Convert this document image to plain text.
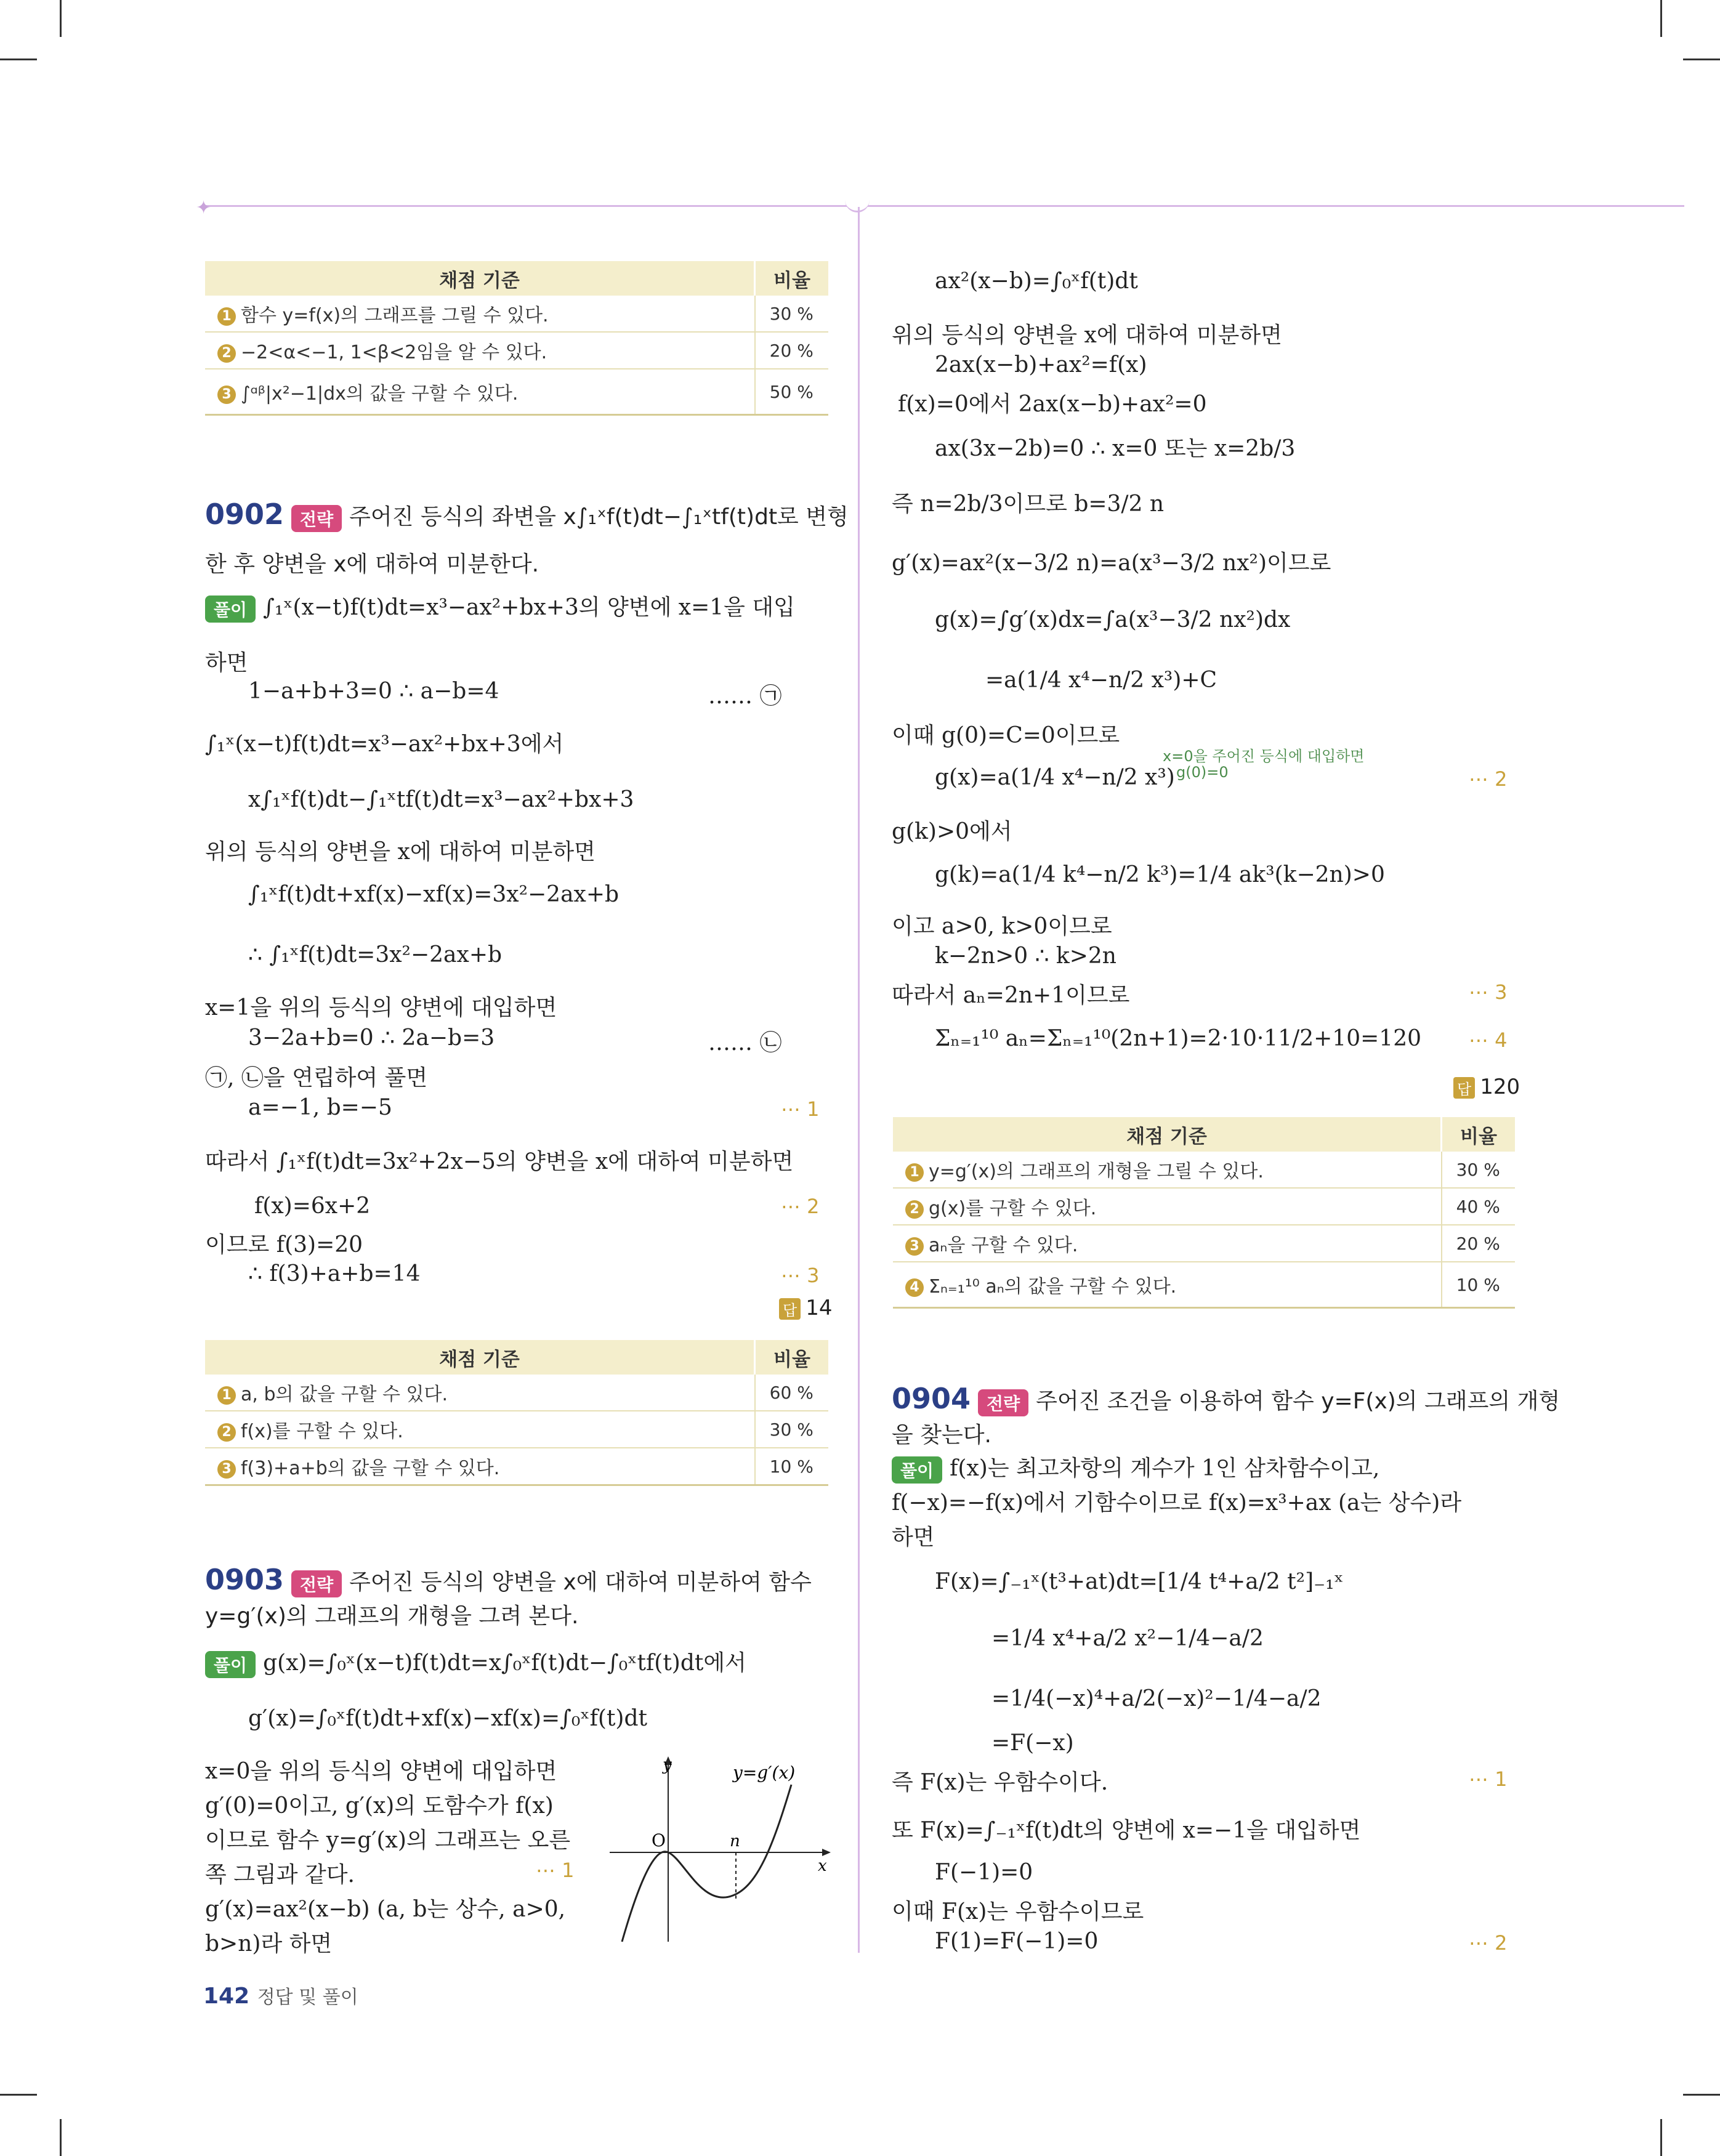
✦
채점 기준	비율
1 함수 y=f(x)의 그래프를 그릴 수 있다.	30 %
2 −2<α<−1, 1<β<2임을 알 수 있다.	20 %
3 ∫ᵅᵝ|x²−1|dx의 값을 구할 수 있다.	50 %
0902 전략 주어진 등식의 좌변을 x∫₁ˣf(t)dt−∫₁ˣtf(t)dt로 변형
한 후 양변을 x에 대하여 미분한다.
풀이 ∫₁ˣ(x−t)f(t)dt=x³−ax²+bx+3의 양변에 x=1을 대입
하면
1−a+b+3=0 ∴ a−b=4	…… ㉠
∫₁ˣ(x−t)f(t)dt=x³−ax²+bx+3에서
x∫₁ˣf(t)dt−∫₁ˣtf(t)dt=x³−ax²+bx+3
위의 등식의 양변을 x에 대하여 미분하면
∫₁ˣf(t)dt+xf(x)−xf(x)=3x²−2ax+b
∴ ∫₁ˣf(t)dt=3x²−2ax+b
x=1을 위의 등식의 양변에 대입하면
3−2a+b=0 ∴ 2a−b=3	…… ㉡
㉠, ㉡을 연립하여 풀면
a=−1, b=−5	⋯ 1
따라서 ∫₁ˣf(t)dt=3x²+2x−5의 양변을 x에 대하여 미분하면
f(x)=6x+2	⋯ 2
이므로 f(3)=20
∴ f(3)+a+b=14	⋯ 3
답 14
채점 기준	비율
1 a, b의 값을 구할 수 있다.	60 %
2 f(x)를 구할 수 있다.	30 %
3 f(3)+a+b의 값을 구할 수 있다.	10 %
0903 전략 주어진 등식의 양변을 x에 대하여 미분하여 함수
y=g′(x)의 그래프의 개형을 그려 본다.
풀이 g(x)=∫₀ˣ(x−t)f(t)dt=x∫₀ˣf(t)dt−∫₀ˣtf(t)dt에서
g′(x)=∫₀ˣf(t)dt+xf(x)−xf(x)=∫₀ˣf(t)dt
x=0을 위의 등식의 양변에 대입하면
g′(0)=0이고, g′(x)의 도함수가 f(x)
이므로 함수 y=g′(x)의 그래프는 오른
쪽 그림과 같다.	⋯ 1
g′(x)=ax²(x−b) (a, b는 상수, a>0,
b>n)라 하면
y
x
O	n
y=g′(x)
142 정답 및 풀이
ax²(x−b)=∫₀ˣf(t)dt
위의 등식의 양변을 x에 대하여 미분하면
2ax(x−b)+ax²=f(x)
f(x)=0에서 2ax(x−b)+ax²=0
ax(3x−2b)=0 ∴ x=0 또는 x=2b/3
즉 n=2b/3이므로 b=3/2 n
g′(x)=ax²(x−3/2 n)=a(x³−3/2 nx²)이므로
g(x)=∫g′(x)dx=∫a(x³−3/2 nx²)dx
=a(1/4 x⁴−n/2 x³)+C
이때 g(0)=C=0이므로
x=0을 주어진 등식에 대입하면
g(0)=0
g(x)=a(1/4 x⁴−n/2 x³)	⋯ 2
g(k)>0에서
g(k)=a(1/4 k⁴−n/2 k³)=1/4 ak³(k−2n)>0
이고 a>0, k>0이므로
k−2n>0 ∴ k>2n
따라서 aₙ=2n+1이므로	⋯ 3
Σₙ₌₁¹⁰ aₙ=Σₙ₌₁¹⁰(2n+1)=2·10·11/2+10=120 ⋯ 4
답 120
채점 기준	비율
1 y=g′(x)의 그래프의 개형을 그릴 수 있다.	30 %
2 g(x)를 구할 수 있다.	40 %
3 aₙ을 구할 수 있다.	20 %
4 Σₙ₌₁¹⁰ aₙ의 값을 구할 수 있다.	10 %
0904 전략 주어진 조건을 이용하여 함수 y=F(x)의 그래프의 개형
을 찾는다.
풀이 f(x)는 최고차항의 계수가 1인 삼차함수이고,
f(−x)=−f(x)에서 기함수이므로 f(x)=x³+ax (a는 상수)라
하면
F(x)=∫₋₁ˣ(t³+at)dt=[1/4 t⁴+a/2 t²]₋₁ˣ
=1/4 x⁴+a/2 x²−1/4−a/2
=1/4(−x)⁴+a/2(−x)²−1/4−a/2
=F(−x)
즉 F(x)는 우함수이다.	⋯ 1
또 F(x)=∫₋₁ˣf(t)dt의 양변에 x=−1을 대입하면
F(−1)=0
이때 F(x)는 우함수이므로
F(1)=F(−1)=0	⋯ 2
